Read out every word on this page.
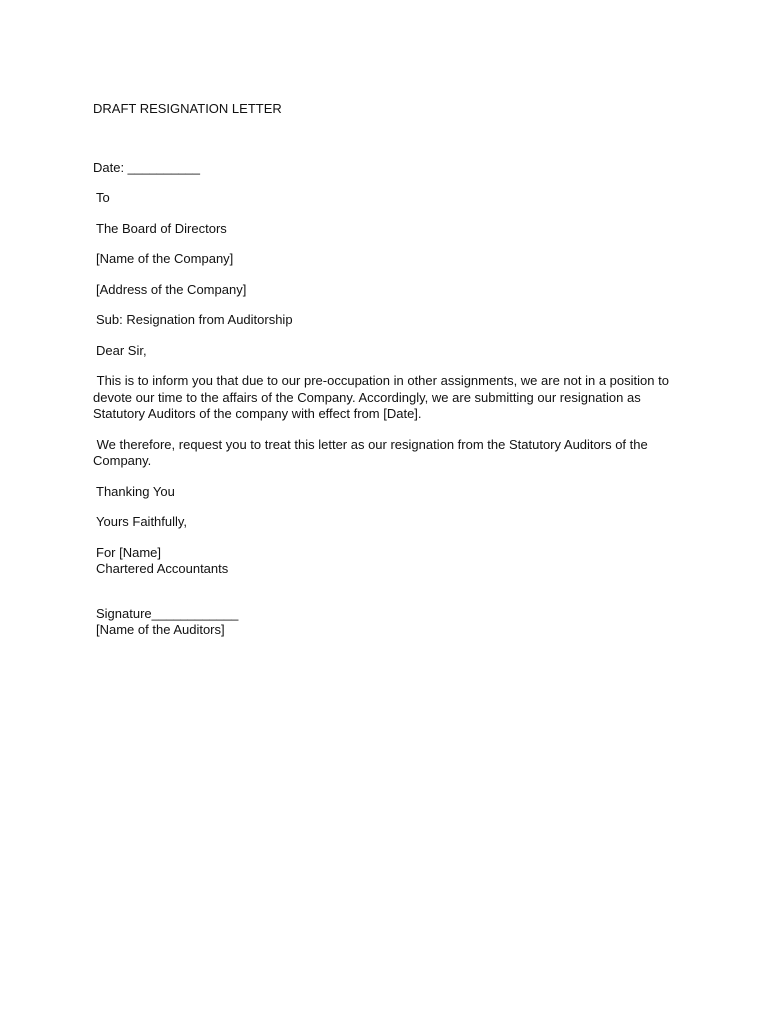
DRAFT RESIGNATION LETTER

Date: __________

To

The Board of Directors

[Name of the Company]

[Address of the Company]

Sub: Resignation from Auditorship

Dear Sir,

This is to inform you that due to our pre-occupation in other assignments, we are not in a position to devote our time to the affairs of the Company. Accordingly, we are submitting our resignation as Statutory Auditors of the company with effect from [Date].

We therefore, request you to treat this letter as our resignation from the Statutory Auditors of the Company.

Thanking You

Yours Faithfully,

For [Name]

Chartered Accountants

Signature____________

[Name of the Auditors]
